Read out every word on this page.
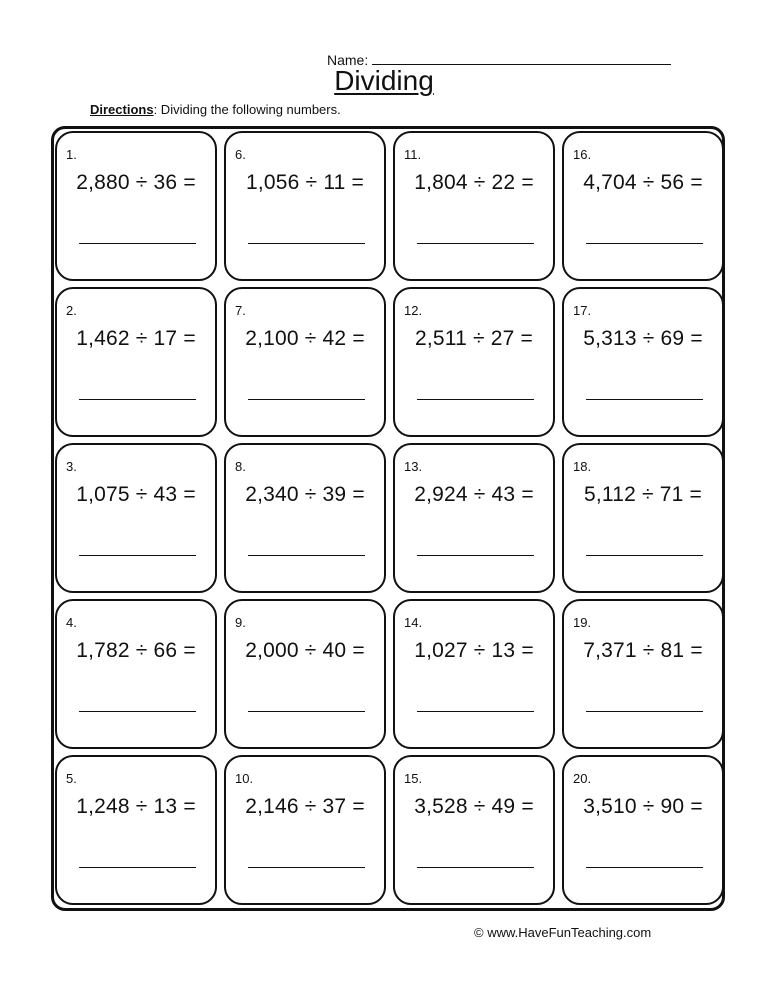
Name:
Dividing
Directions: Dividing the following numbers.
1.
2,880 ÷ 36 =
2.
1,462 ÷ 17 =
3.
1,075 ÷ 43 =
4.
1,782 ÷ 66 =
5.
1,248 ÷ 13 =
6.
1,056 ÷ 11 =
7.
2,100 ÷ 42 =
8.
2,340 ÷ 39 =
9.
2,000 ÷ 40 =
10.
2,146 ÷ 37 =
11.
1,804 ÷ 22 =
12.
2,511 ÷ 27 =
13.
2,924 ÷ 43 =
14.
1,027 ÷ 13 =
15.
3,528 ÷ 49 =
16.
4,704 ÷ 56 =
17.
5,313 ÷ 69 =
18.
5,112 ÷ 71 =
19.
7,371 ÷ 81 =
20.
3,510 ÷ 90 =
© www.HaveFunTeaching.com
